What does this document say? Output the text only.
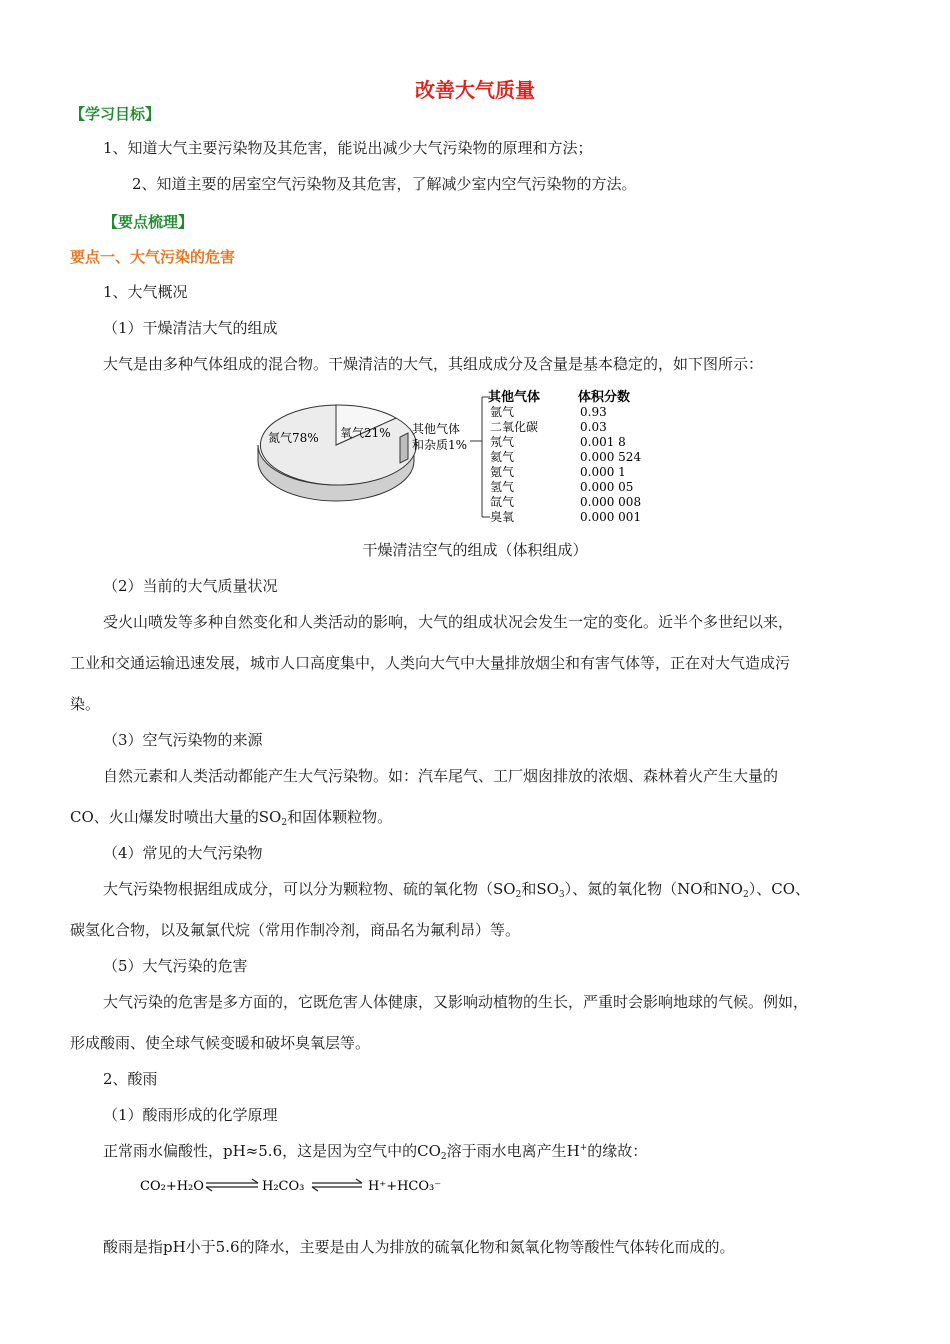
改善大气质量
【学习目标】
1、知道大气主要污染物及其危害，能说出减少大气污染物的原理和方法；
2、知道主要的居室空气污染物及其危害，了解减少室内空气污染物的方法。
【要点梳理】
要点一、大气污染的危害
1、大气概况
（1）干燥清洁大气的组成
大气是由多种气体组成的混合物。干燥清洁的大气，其组成成分及含量是基本稳定的，如下图所示：
氮气78% 氧气21% 其他气体
和杂质1%
其他气体	体积分数
氩气	0.93
二氧化碳	0.03
氖气	0.001 8
氦气	0.000 524
氪气	0.000 1
氢气	0.000 05
氙气	0.000 008
臭氧	0.000 001
干燥清洁空气的组成（体积组成）
（2）当前的大气质量状况
受火山喷发等多种自然变化和人类活动的影响，大气的组成状况会发生一定的变化。近半个多世纪以来，
工业和交通运输迅速发展，城市人口高度集中，人类向大气中大量排放烟尘和有害气体等，正在对大气造成污
染。
（3）空气污染物的来源
自然元素和人类活动都能产生大气污染物。如：汽车尾气、工厂烟囱排放的浓烟、森林着火产生大量的
CO、火山爆发时喷出大量的$SO_2$和固体颗粒物。
（4）常见的大气污染物
大气污染物根据组成成分，可以分为颗粒物、硫的氧化物（$SO_2$和$SO_3$）、氮的氧化物（NO和$NO_2$）、CO、
碳氢化合物，以及氟氯代烷（常用作制冷剂，商品名为氟利昂）等。
（5）大气污染的危害
大气污染的危害是多方面的，它既危害人体健康，又影响动植物的生长，严重时会影响地球的气候。例如，
形成酸雨、使全球气候变暖和破坏臭氧层等。
2、酸雨
（1）酸雨形成的化学原理
正常雨水偏酸性，pH≈5.6，这是因为空气中的$CO_2$溶于雨水电离产生H+的缘故：
CO₂+H₂O	H₂CO₃	H⁺+HCO₃⁻
酸雨是指pH小于5.6的降水，主要是由人为排放的硫氧化物和氮氧化物等酸性气体转化而成的。
